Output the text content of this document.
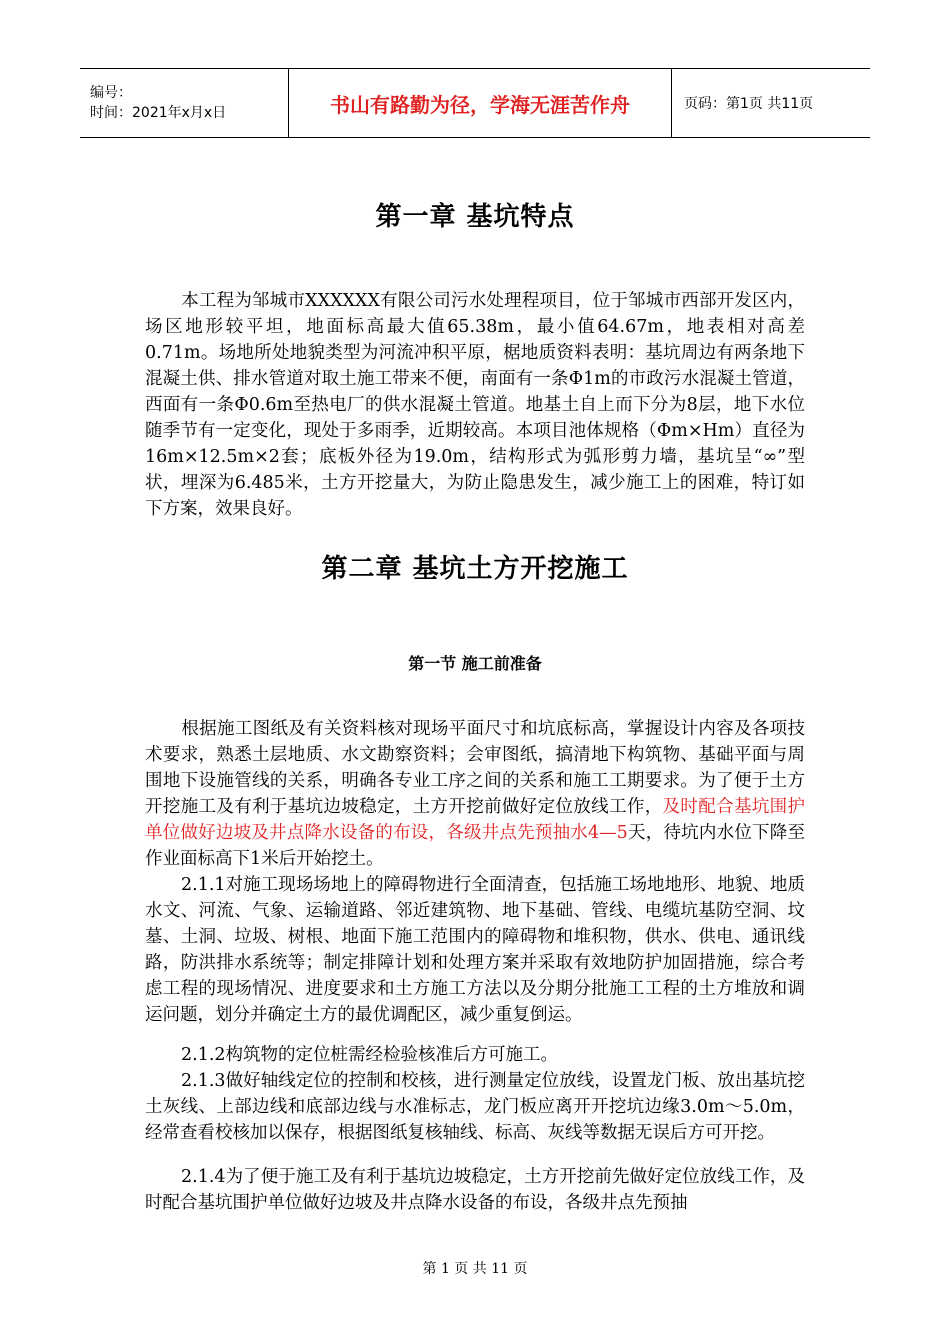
编号：
时间：2021年x月x日	书山有路勤为径，学海无涯苦作舟	页码：第1页 共11页
第一章 基坑特点

本工程为邹城市XXXXXX有限公司污水处理程项目，位于邹城市西部开发区内，场区地形较平坦，地面标高最大值65.38m，最小值64.67m，地表相对高差0.71m。场地所处地貌类型为河流冲积平原，椐地质资料表明：基坑周边有两条地下混凝土供、排水管道对取土施工带来不便，南面有一条Φ1m的市政污水混凝土管道，西面有一条Φ0.6m至热电厂的供水混凝土管道。地基土自上而下分为8层，地下水位随季节有一定变化，现处于多雨季，近期较高。本项目池体规格（Φm×Hm）直径为16m×12.5m×2套；底板外径为19.0m，结构形式为弧形剪力墙，基坑呈“∞”型状，埋深为6.485米，土方开挖量大，为防止隐患发生，减少施工上的困难，特订如下方案，效果良好。

第二章 基坑土方开挖施工
第一节 施工前准备

根据施工图纸及有关资料核对现场平面尺寸和坑底标高，掌握设计内容及各项技术要求，熟悉土层地质、水文勘察资料；会审图纸，搞清地下构筑物、基础平面与周围地下设施管线的关系，明确各专业工序之间的关系和施工工期要求。为了便于土方开挖施工及有利于基坑边坡稳定，土方开挖前做好定位放线工作，及时配合基坑围护单位做好边坡及井点降水设备的布设，各级井点先预抽水4—5天，待坑内水位下降至作业面标高下1米后开始挖土。

2.1.1对施工现场场地上的障碍物进行全面清查，包括施工场地地形、地貌、地质水文、河流、气象、运输道路、邻近建筑物、地下基础、管线、电缆坑基防空洞、坟墓、土洞、垃圾、树根、地面下施工范围内的障碍物和堆积物，供水、供电、通讯线路，防洪排水系统等；制定排障计划和处理方案并采取有效地防护加固措施，综合考虑工程的现场情况、进度要求和土方施工方法以及分期分批施工工程的土方堆放和调运问题，划分并确定土方的最优调配区，减少重复倒运。

2.1.2构筑物的定位桩需经检验核准后方可施工。

2.1.3做好轴线定位的控制和校核，进行测量定位放线，设置龙门板、放出基坑挖土灰线、上部边线和底部边线与水准标志，龙门板应离开开挖坑边缘3.0m～5.0m，经常查看校核加以保存，根据图纸复核轴线、标高、灰线等数据无误后方可开挖。

2.1.4为了便于施工及有利于基坑边坡稳定，土方开挖前先做好定位放线工作，及时配合基坑围护单位做好边坡及井点降水设备的布设，各级井点先预抽

第 1 页 共 11 页
